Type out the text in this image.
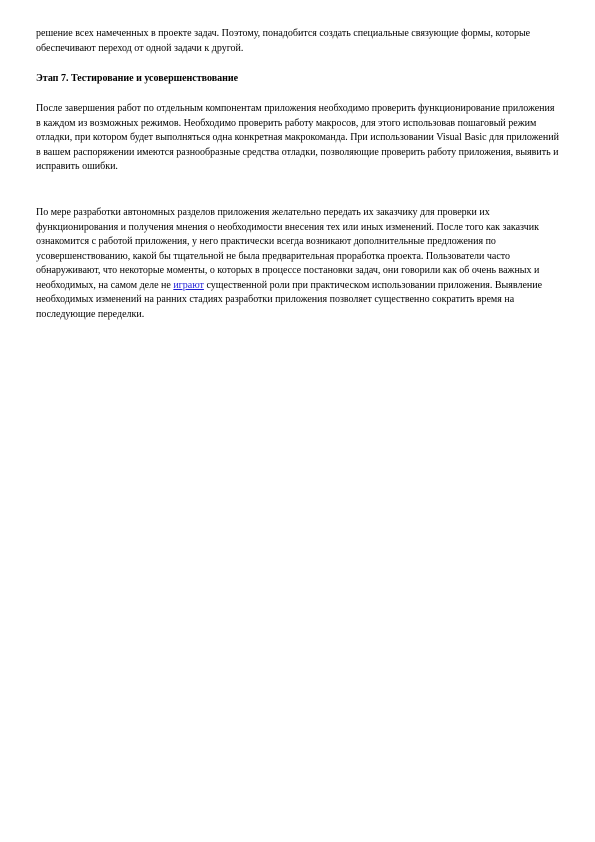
решение всех намеченных в проекте задач. Поэтому, понадобится создать специальные связующие формы, которые обеспечивают переход от одной задачи к другой.

Этап 7. Тестирование и усовершенствование

После завершения работ по отдельным компонентам приложения необходимо проверить функционирование приложения в каждом из возможных режимов. Необходимо проверить работу макросов, для этого использовав пошаговый режим отладки, при котором будет выполняться одна конкретная макрокоманда. При использовании Visual Basic для приложений в вашем распоряжении имеются разнообразные средства отладки, позволяющие проверить работу приложения, выявить и исправить ошибки.

По мере разработки автономных разделов приложения желательно передать их заказчику для проверки их функционирования и получения мнения о необходимости внесения тех или иных изменений. После того как заказчик ознакомится с работой приложения, у него практически всегда возникают дополнительные предложения по усовершенствованию, какой бы тщательной не была предварительная проработка проекта. Пользователи часто обнаруживают, что некоторые моменты, о которых в процессе постановки задач, они говорили как об очень важных и необходимых, на самом деле не играют существенной роли при практическом использовании приложения. Выявление необходимых изменений на ранних стадиях разработки приложения позволяет существенно сократить время на последующие переделки.
